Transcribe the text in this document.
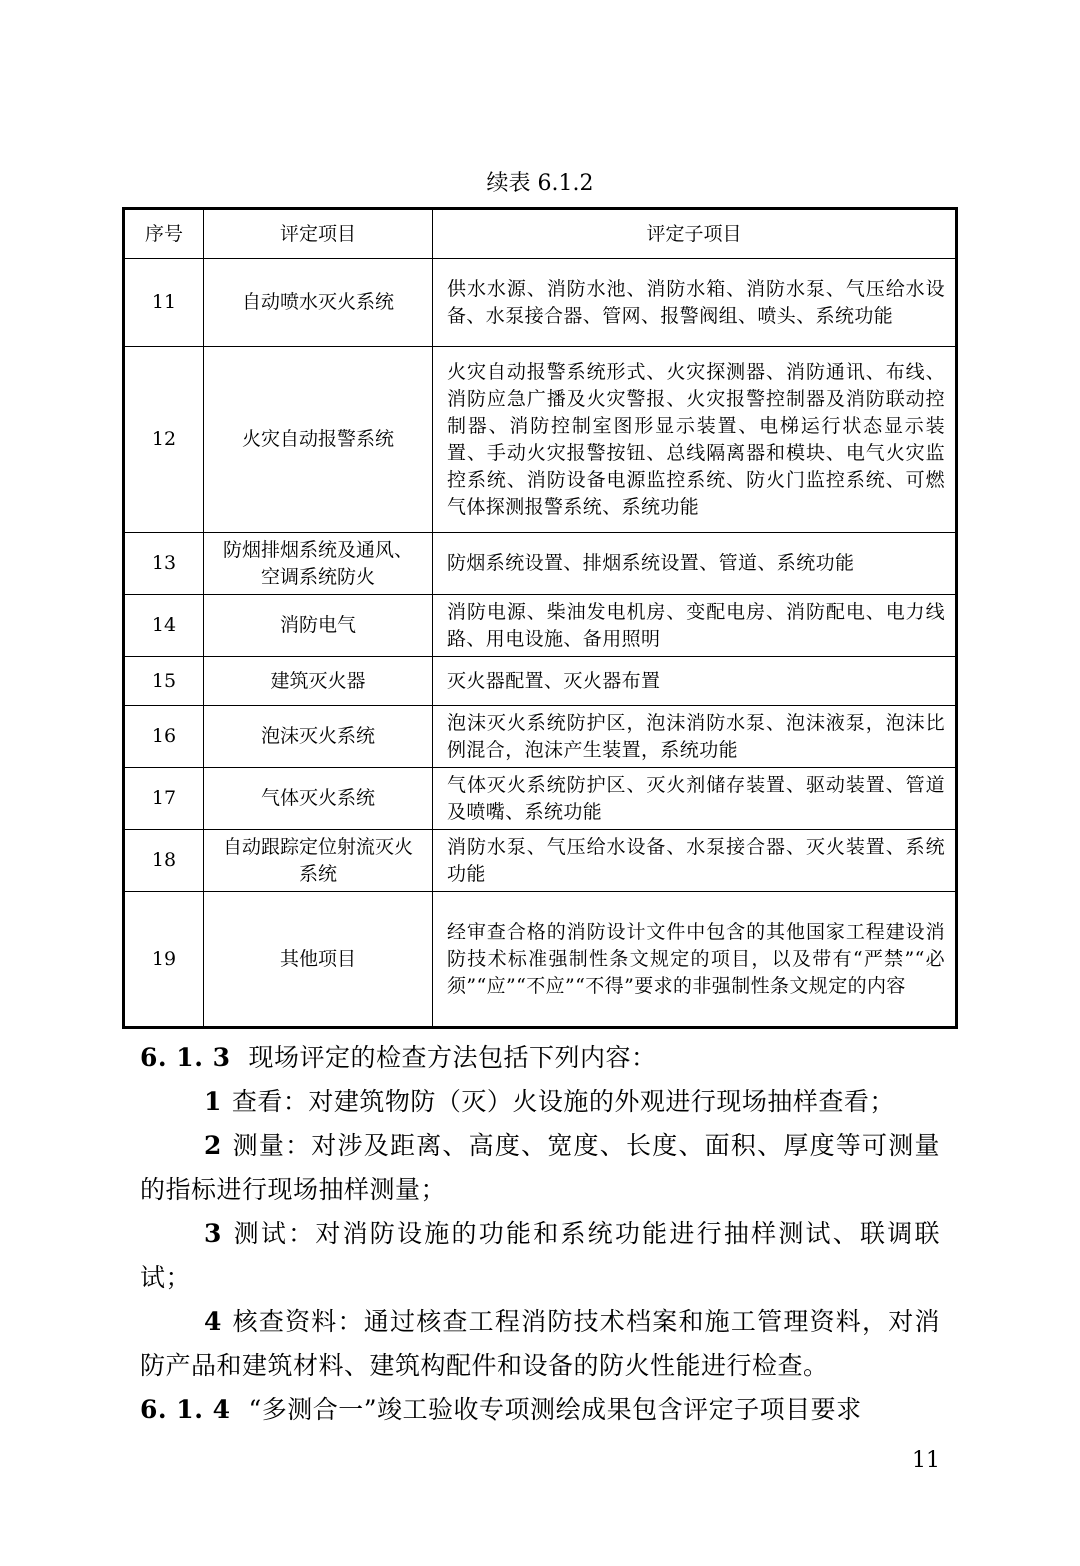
续表 6.1.2
序号	评定项目	评定子项目
11	自动喷水灭火系统	供水水源、消防水池、消防水箱、消防水泵、气压给水设备、水泵接合器、管网、报警阀组、喷头、系统功能
12	火灾自动报警系统	火灾自动报警系统形式、火灾探测器、消防通讯、布线、消防应急广播及火灾警报、火灾报警控制器及消防联动控制器、消防控制室图形显示装置、电梯运行状态显示装置、手动火灾报警按钮、总线隔离器和模块、电气火灾监控系统、消防设备电源监控系统、防火门监控系统、可燃气体探测报警系统、系统功能
13	防烟排烟系统及通风、空调系统防火	防烟系统设置、排烟系统设置、管道、系统功能
14	消防电气	消防电源、柴油发电机房、变配电房、消防配电、电力线路、用电设施、备用照明
15	建筑灭火器	灭火器配置、灭火器布置
16	泡沫灭火系统	泡沫灭火系统防护区，泡沫消防水泵、泡沫液泵，泡沫比例混合，泡沫产生装置，系统功能
17	气体灭火系统	气体灭火系统防护区、灭火剂储存装置、驱动装置、管道及喷嘴、系统功能
18	自动跟踪定位射流灭火系统	消防水泵、气压给水设备、水泵接合器、灭火装置、系统功能
19	其他项目	经审查合格的消防设计文件中包含的其他国家工程建设消防技术标准强制性条文规定的项目，以及带有“严禁”“必须”“应”“不应”“不得”要求的非强制性条文规定的内容
6. 1. 3 现场评定的检查方法包括下列内容：
1 查看：对建筑物防（灭）火设施的外观进行现场抽样查看；
2 测量：对涉及距离、高度、宽度、长度、面积、厚度等可测量的指标进行现场抽样测量；
3 测试：对消防设施的功能和系统功能进行抽样测试、联调联试；
4 核查资料：通过核查工程消防技术档案和施工管理资料，对消防产品和建筑材料、建筑构配件和设备的防火性能进行检查。
6. 1. 4 “多测合一”竣工验收专项测绘成果包含评定子项目要求
11
